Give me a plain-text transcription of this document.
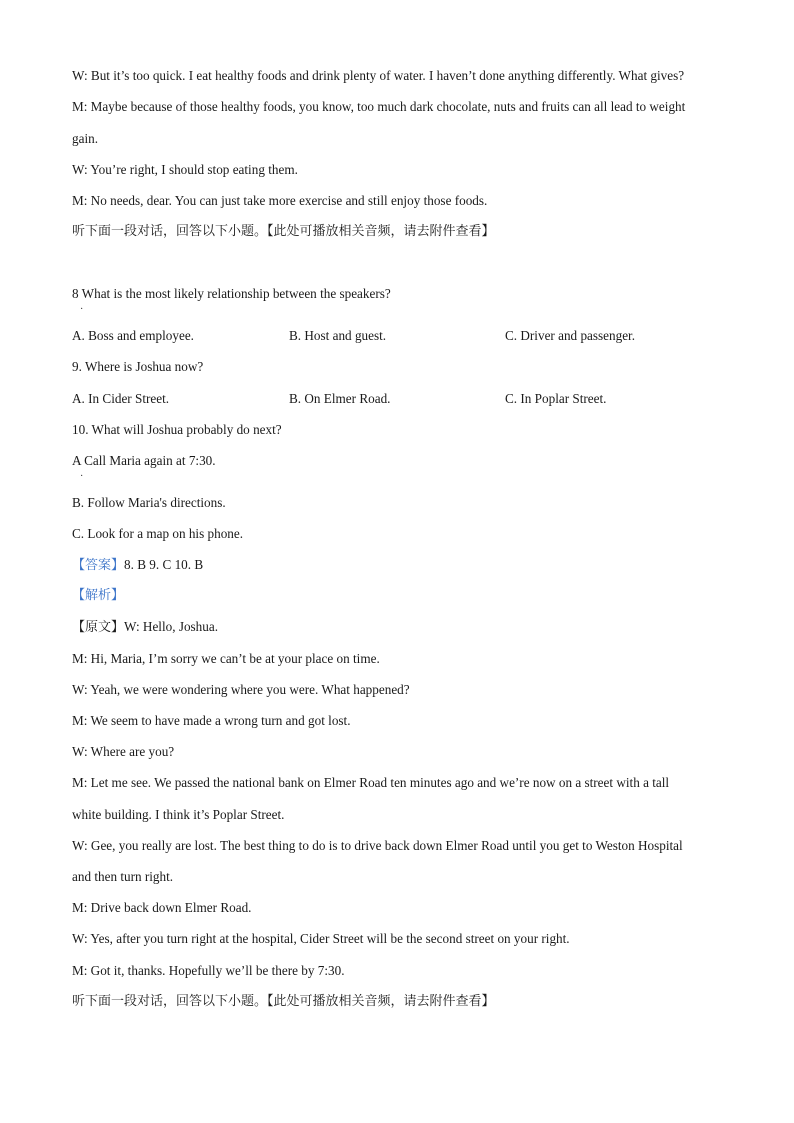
W: But it’s too quick. I eat healthy foods and drink plenty of water. I haven’t done anything differently. What gives?
M: Maybe because of those healthy foods, you know, too much dark chocolate, nuts and fruits can all lead to weight
gain.
W: You’re right, I should stop eating them.
M: No needs, dear. You can just take more exercise and still enjoy those foods.
听下面一段对话，回答以下小题。【此处可播放相关音频，请去附件查看】
8 What is the most likely relationship between the speakers?
·
A. Boss and employee.	B. Host and guest.	C. Driver and passenger.
9. Where is Joshua now?
A. In Cider Street.	B. On Elmer Road.	C. In Poplar Street.
10. What will Joshua probably do next?
A Call Maria again at 7:30.
·
B. Follow Maria's directions.
C. Look for a map on his phone.
【答案】8. B 9. C 10. B
【解析】
【原文】W: Hello, Joshua.
M: Hi, Maria, I’m sorry we can’t be at your place on time.
W: Yeah, we were wondering where you were. What happened?
M: We seem to have made a wrong turn and got lost.
W: Where are you?
M: Let me see. We passed the national bank on Elmer Road ten minutes ago and we’re now on a street with a tall
white building. I think it’s Poplar Street.
W: Gee, you really are lost. The best thing to do is to drive back down Elmer Road until you get to Weston Hospital
and then turn right.
M: Drive back down Elmer Road.
W: Yes, after you turn right at the hospital, Cider Street will be the second street on your right.
M: Got it, thanks. Hopefully we’ll be there by 7:30.
听下面一段对话，回答以下小题。【此处可播放相关音频，请去附件查看】
